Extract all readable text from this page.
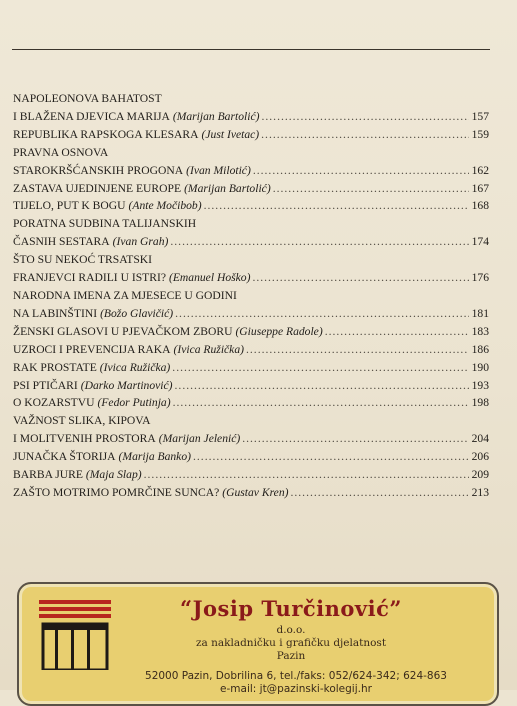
NAPOLEONOVA BAHATOST
I BLAŽENA DJEVICA MARIJA (Marijan Bartolić) .....	157
REPUBLIKA RAPSKOGA KLESARA (Just Ivetac) .....	159
PRAVNA OSNOVA
STAROKRŠĆANSKIH PROGONA (Ivan Milotić) .....	162
ZASTAVA UJEDINJENE EUROPE (Marijan Bartolić) .....	167
TIJELO, PUT K BOGU (Ante Močibob) .....	168
PORATNA SUDBINA TALIJANSKIH
ČASNIH SESTARA (Ivan Grah) .....	174
ŠTO SU NEKOĆ TRSATSKI
FRANJEVCI RADILI U ISTRI? (Emanuel Hoško) .....	176
NARODNA IMENA ZA MJESECE U GODINI
NA LABINŠTINI (Božo Glavičić) .....	181
ŽENSKI GLASOVI U PJEVAČKOM ZBORU (Giuseppe Radole) .....	183
UZROCI I PREVENCIJA RAKA (Ivica Ružička) .....	186
RAK PROSTATE (Ivica Ružička) .....	190
PSI PTIČARI (Darko Martinović) .....	193
O KOZARSTVU (Fedor Putinja) .....	198
VAŽNOST SLIKA, KIPOVA
I MOLITVENIH PROSTORA (Marijan Jelenić) .....	204
JUNAČKA ŠTORIJA (Marija Banko) .....	206
BARBA JURE (Maja Slap) .....	209
ZAŠTO MOTRIMO POMRČINE SUNCA? (Gustav Kren) .....	213
“Josip Turčinović”
d.o.o.
za nakladničku i grafičku djelatnost
Pazin
52000 Pazin, Dobrilina 6, tel./faks: 052/624-342; 624-863
e-mail: jt@pazinski-kolegij.hr
